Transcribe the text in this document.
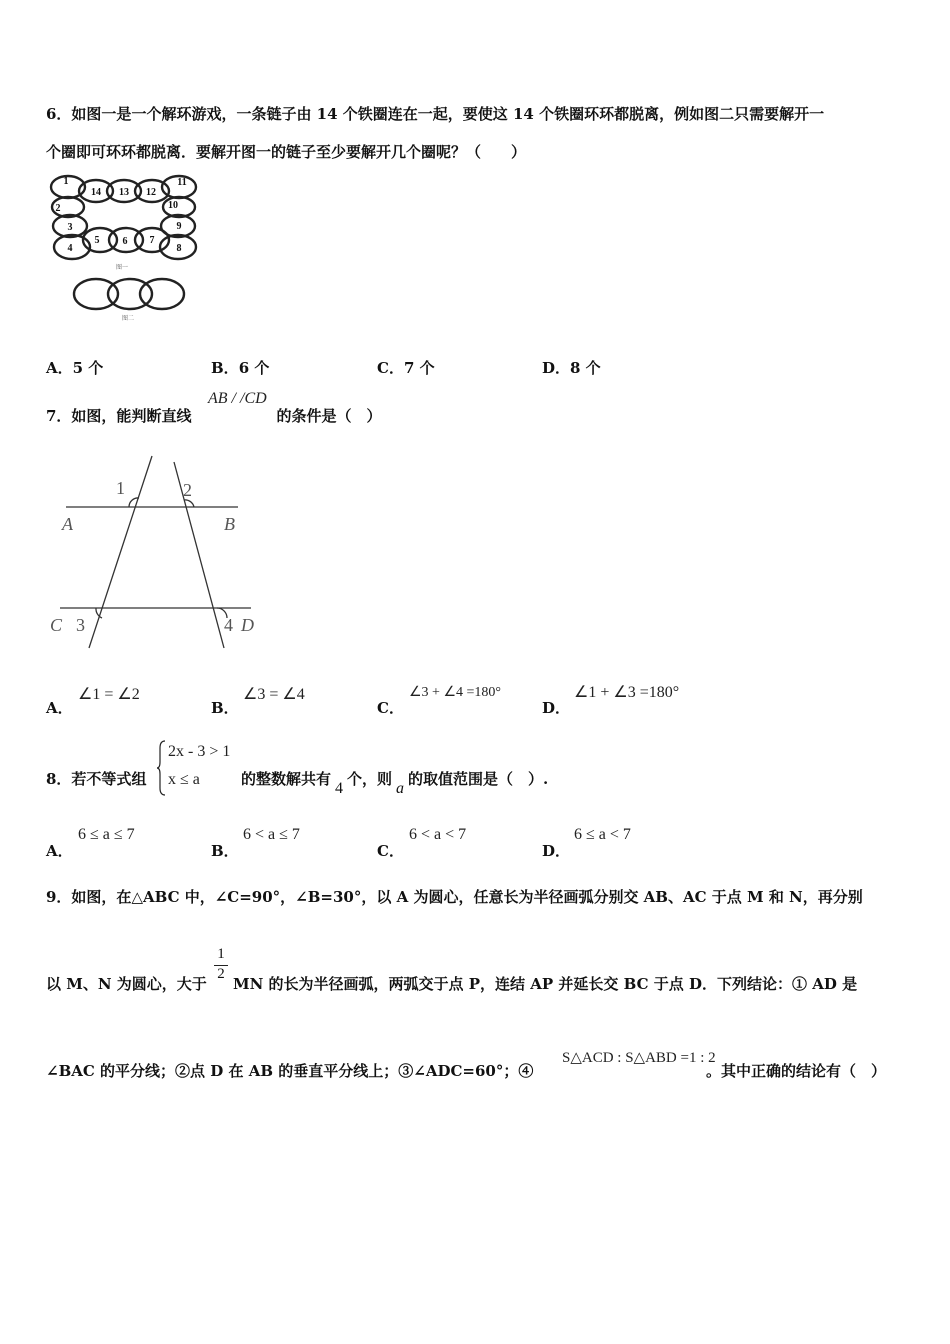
6．如图一是一个解环游戏，一条链子由 14 个铁圈连在一起，要使这 14 个铁圈环环都脱离，例如图二只需要解开一
个圈即可环环都脱离．要解开图一的链子至少要解开几个圈呢？（　　）
1
14 13 12
11
2	10
3	9
4
5 6 7
8
图一
图二
A．5 个	B．6 个	C．7 个	D．8 个
7．如图，能判断直线	的条件是（　）
AB / /CD
A	B
C	D
1	2
3	4
A．
∠1 = ∠2
B．
∠3 = ∠4
C．
∠3 + ∠4 =180°
D．
∠1 + ∠3 =180°
8．若不等式组
2x - 3 > 1
x ≤ a	的整数解共有4个，则a的取值范围是（　）.
A．
6 ≤ a ≤ 7
B．
6 < a ≤ 7
C．
6 < a < 7
D．
6 ≤ a < 7
9．如图，在△ABC 中，∠C=90°，∠B=30°，以 A 为圆心，任意长为半径画弧分别交 AB、AC 于点 M 和 N，再分别
以 M、N 为圆心，大于
$\frac{1}{2}$
MN 的长为半径画弧，两弧交于点 P，连结 AP 并延长交 BC 于点 D．下列结论：① AD 是
∠BAC 的平分线；②点 D 在 AB 的垂直平分线上；③∠ADC=60°；④
S△ACD : S△ABD =1 : 2
。其中正确的结论有（　）
